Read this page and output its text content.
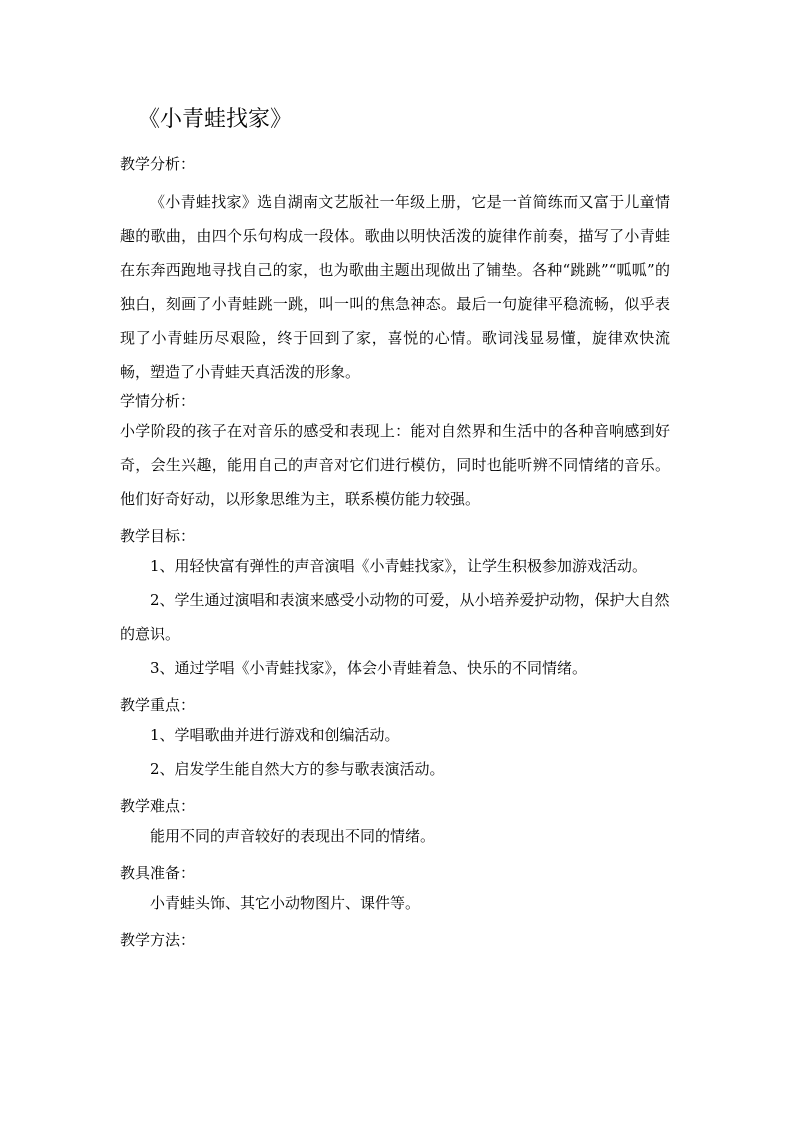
《小青蛙找家》

教学分析：

《小青蛙找家》选自湖南文艺版社一年级上册，它是一首简练而又富于儿童情趣的歌曲，由四个乐句构成一段体。歌曲以明快活泼的旋律作前奏，描写了小青蛙在东奔西跑地寻找自己的家，也为歌曲主题出现做出了铺垫。各种“跳跳”“呱呱”的独白，刻画了小青蛙跳一跳，叫一叫的焦急神态。最后一句旋律平稳流畅，似乎表现了小青蛙历尽艰险，终于回到了家，喜悦的心情。歌词浅显易懂，旋律欢快流畅，塑造了小青蛙天真活泼的形象。

学情分析：

小学阶段的孩子在对音乐的感受和表现上：能对自然界和生活中的各种音响感到好奇，会生兴趣，能用自己的声音对它们进行模仿，同时也能听辨不同情绪的音乐。他们好奇好动，以形象思维为主，联系模仿能力较强。

教学目标：

1、用轻快富有弹性的声音演唱《小青蛙找家》，让学生积极参加游戏活动。

2、学生通过演唱和表演来感受小动物的可爱，从小培养爱护动物，保护大自然的意识。

3、通过学唱《小青蛙找家》，体会小青蛙着急、快乐的不同情绪。

教学重点：

1、学唱歌曲并进行游戏和创编活动。

2、启发学生能自然大方的参与歌表演活动。

教学难点：

能用不同的声音较好的表现出不同的情绪。

教具准备：

小青蛙头饰、其它小动物图片、课件等。

教学方法：
